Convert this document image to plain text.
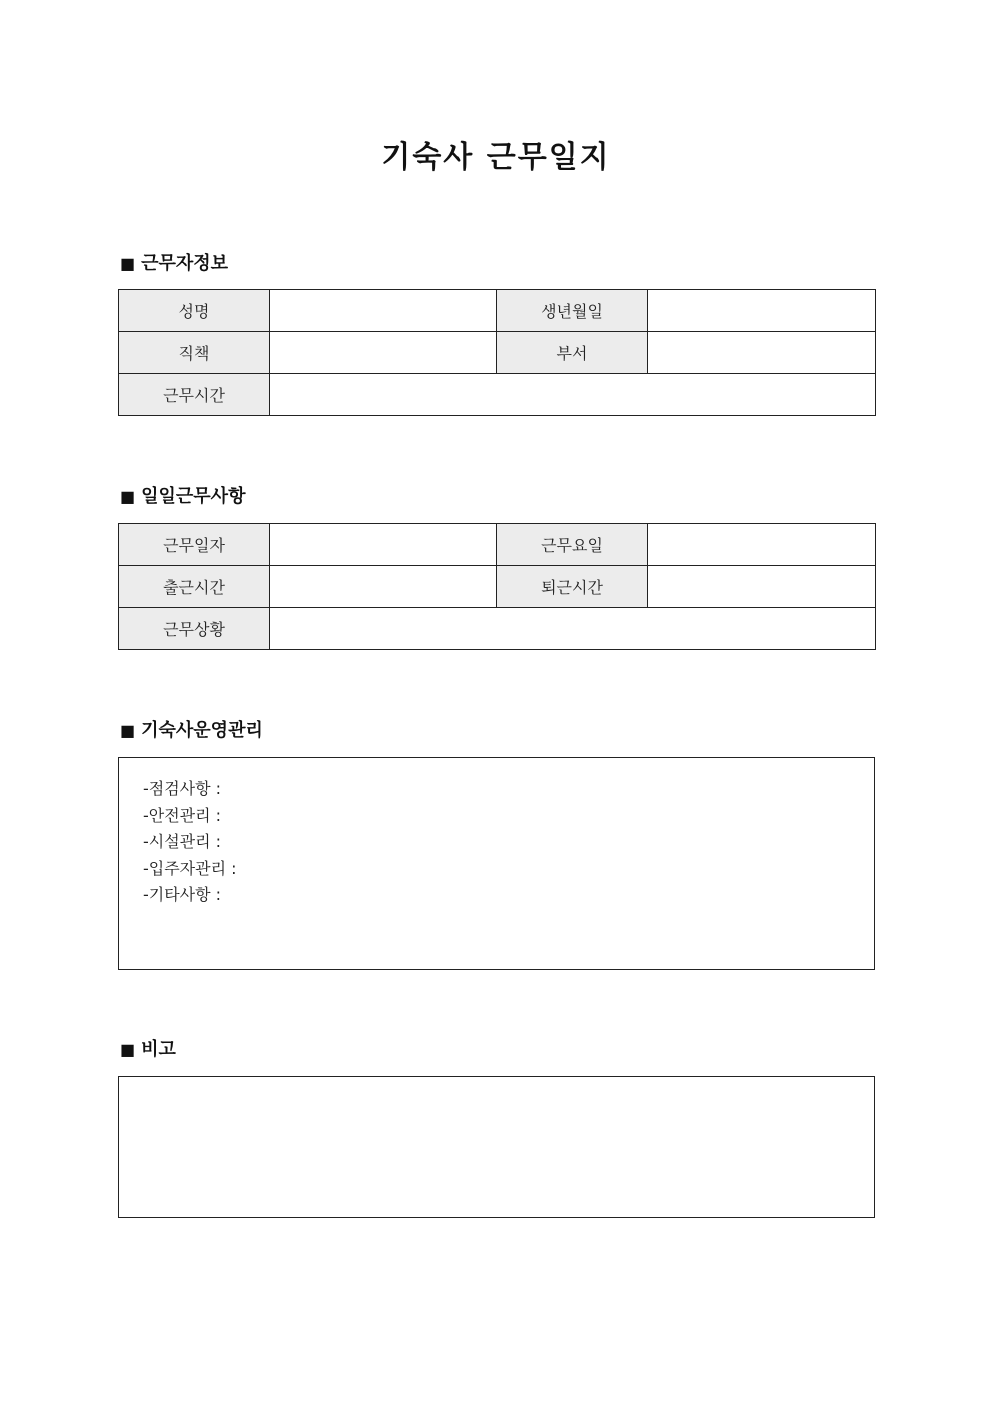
기숙사 근무일지
■ 근무자정보
성명		생년월일	
직책		부서	
근무시간			
■ 일일근무사항
근무일자		근무요일	
출근시간		퇴근시간	
근무상황			
■ 기숙사운영관리
-점검사항 :
-안전관리 :
-시설관리 :
-입주자관리 :
-기타사항 :
■ 비고
